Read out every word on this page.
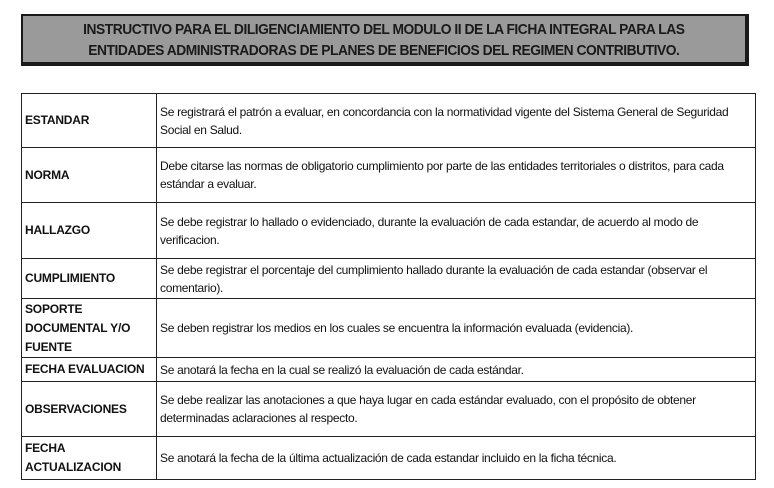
INSTRUCTIVO PARA EL DILIGENCIAMIENTO DEL MODULO II DE LA FICHA INTEGRAL PARA LAS
ENTIDADES ADMINISTRADORAS DE PLANES DE BENEFICIOS DEL REGIMEN CONTRIBUTIVO.
ESTANDAR	Se registrará el patrón a evaluar, en concordancia con la normatividad vigente del Sistema General de Seguridad Social en Salud.
NORMA	Debe citarse las normas de obligatorio cumplimiento por parte de las entidades territoriales o distritos, para cada estándar a evaluar.
HALLAZGO	Se debe registrar lo hallado o evidenciado, durante la evaluación de cada estandar, de acuerdo al modo de verificacion.
CUMPLIMIENTO	Se debe registrar el porcentaje del cumplimiento hallado durante la evaluación de cada estandar (observar el comentario).
SOPORTE DOCUMENTAL Y/O FUENTE	Se deben registrar los medios en los cuales se encuentra la información evaluada (evidencia).
FECHA EVALUACION	Se anotará la fecha en la cual se realizó la evaluación de cada estándar.
OBSERVACIONES	Se debe realizar las anotaciones a que haya lugar en cada estándar evaluado, con el propósito de obtener determinadas aclaraciones al respecto.
FECHA ACTUALIZACION	Se anotará la fecha de la última actualización de cada estandar incluido en la ficha técnica.
